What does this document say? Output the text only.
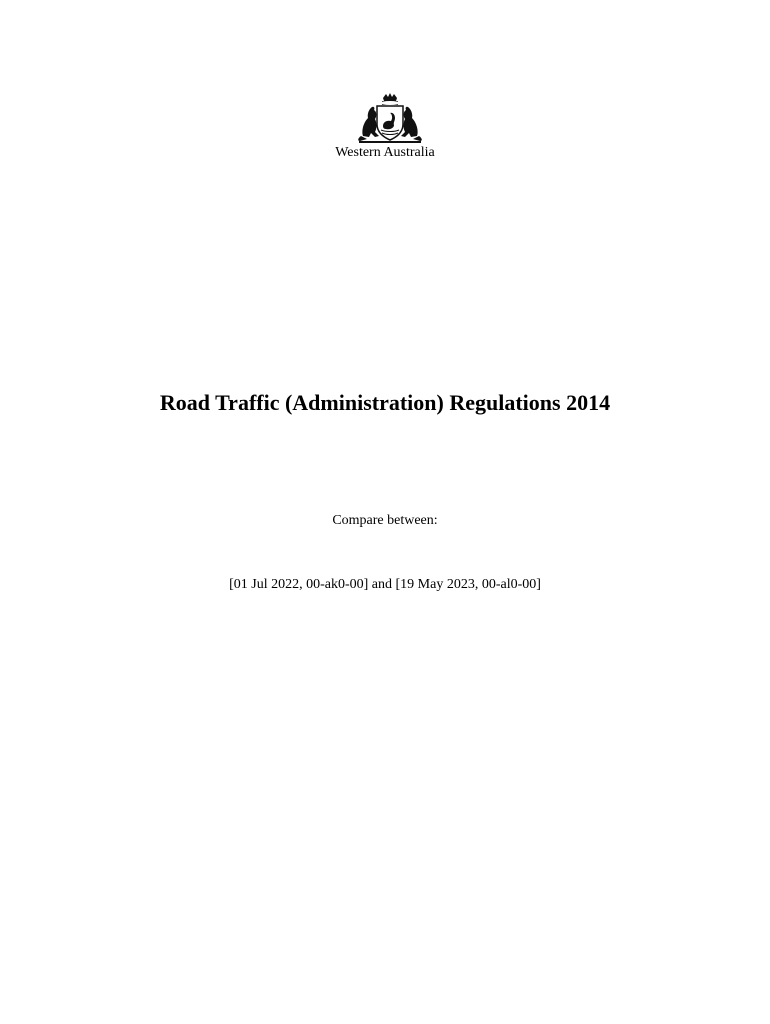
Western Australia
Road Traffic (Administration) Regulations 2014
Compare between:
[01 Jul 2022, 00-ak0-00] and [19 May 2023, 00-al0-00]
